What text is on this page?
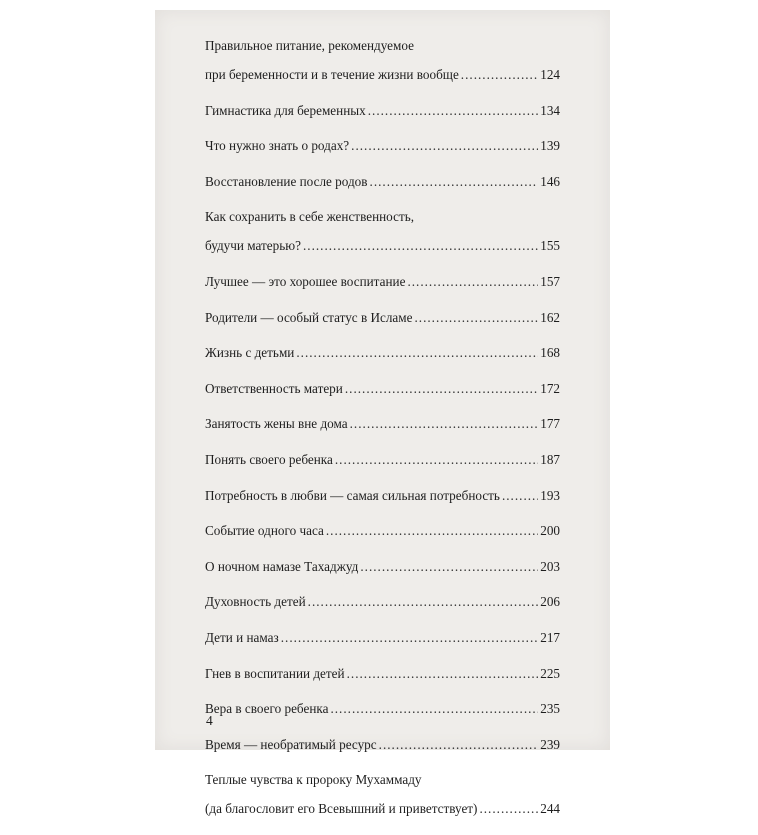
Правильное питание, рекомендуемое
при беременности и в течение жизни вообще .....	124
Гимнастика для беременных .....	134
Что нужно знать о родах? .....	139
Восстановление после родов .....	146
Как сохранить в себе женственность,
будучи матерью? .....	155
Лучшее — это хорошее воспитание .....	157
Родители — особый статус в Исламе .....	162
Жизнь с детьми .....	168
Ответственность матери .....	172
Занятость жены вне дома .....	177
Понять своего ребенка .....	187
Потребность в любви — самая сильная потребность .....	193
Событие одного часа .....	200
О ночном намазе Тахаджуд .....	203
Духовность детей .....	206
Дети и намаз .....	217
Гнев в воспитании детей .....	225
Вера в своего ребенка .....	235
Время — необратимый ресурс .....	239
Теплые чувства к пророку Мухаммаду
(да благословит его Всевышний и приветствует) .....	244
4
